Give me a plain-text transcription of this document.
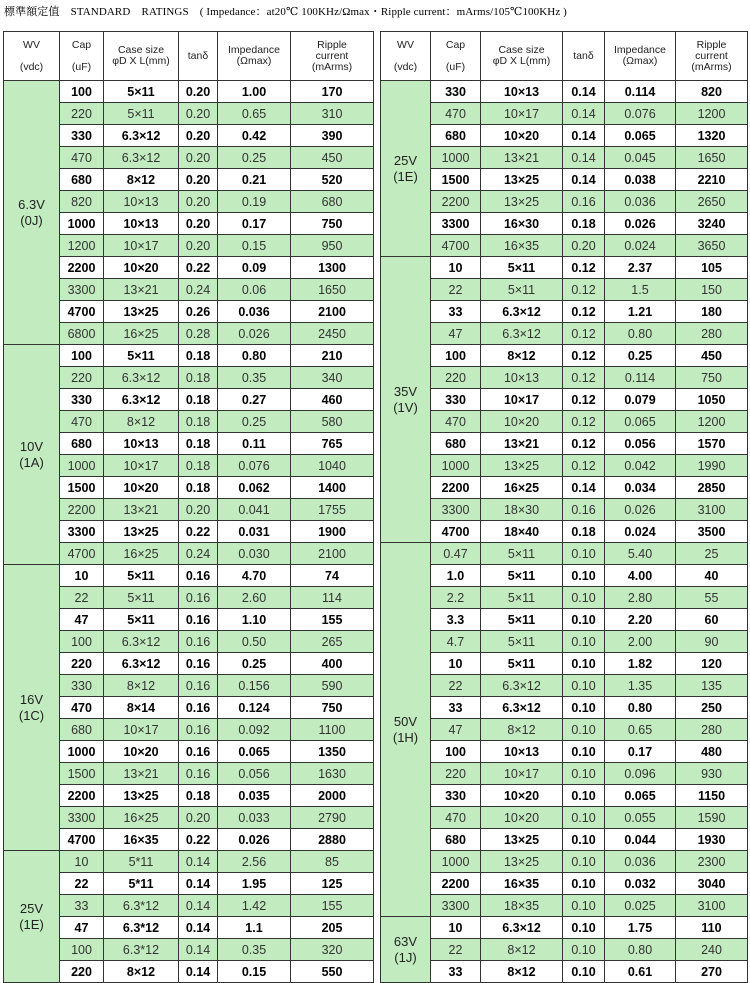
標準額定值　STANDARD　RATINGS　( Impedance：at20℃ 100KHz/Ωmax・Ripple current：mArms/105℃100KHz )
WV

(vdc)	Cap

(uF)	Case size
φD X L(mm)	tanδ	Impedance
(Ωmax)	Ripple
current
(mArms)
6.3V
(0J)	100	5×11	0.20	1.00	170
	220	5×11	0.20	0.65	310
	330	6.3×12	0.20	0.42	390
	470	6.3×12	0.20	0.25	450
	680	8×12	0.20	0.21	520
	820	10×13	0.20	0.19	680
	1000	10×13	0.20	0.17	750
	1200	10×17	0.20	0.15	950
	2200	10×20	0.22	0.09	1300
	3300	13×21	0.24	0.06	1650
	4700	13×25	0.26	0.036	2100
	6800	16×25	0.28	0.026	2450
10V
(1A)	100	5×11	0.18	0.80	210
	220	6.3×12	0.18	0.35	340
	330	6.3×12	0.18	0.27	460
	470	8×12	0.18	0.25	580
	680	10×13	0.18	0.11	765
	1000	10×17	0.18	0.076	1040
	1500	10×20	0.18	0.062	1400
	2200	13×21	0.20	0.041	1755
	3300	13×25	0.22	0.031	1900
	4700	16×25	0.24	0.030	2100
16V
(1C)	10	5×11	0.16	4.70	74
	22	5×11	0.16	2.60	114
	47	5×11	0.16	1.10	155
	100	6.3×12	0.16	0.50	265
	220	6.3×12	0.16	0.25	400
	330	8×12	0.16	0.156	590
	470	8×14	0.16	0.124	750
	680	10×17	0.16	0.092	1100
	1000	10×20	0.16	0.065	1350
	1500	13×21	0.16	0.056	1630
	2200	13×25	0.18	0.035	2000
	3300	16×25	0.20	0.033	2790
	4700	16×35	0.22	0.026	2880
25V
(1E)	10	5*11	0.14	2.56	85
	22	5*11	0.14	1.95	125
	33	6.3*12	0.14	1.42	155
	47	6.3*12	0.14	1.1	205
	100	6.3*12	0.14	0.35	320
	220	8×12	0.14	0.15	550
WV

(vdc)	Cap

(uF)	Case size
φD X L(mm)	tanδ	Impedance
(Ωmax)	Ripple
current
(mArms)
25V
(1E)	330	10×13	0.14	0.114	820
	470	10×17	0.14	0.076	1200
	680	10×20	0.14	0.065	1320
	1000	13×21	0.14	0.045	1650
	1500	13×25	0.14	0.038	2210
	2200	13×25	0.16	0.036	2650
	3300	16×30	0.18	0.026	3240
	4700	16×35	0.20	0.024	3650
35V
(1V)	10	5×11	0.12	2.37	105
	22	5×11	0.12	1.5	150
	33	6.3×12	0.12	1.21	180
	47	6.3×12	0.12	0.80	280
	100	8×12	0.12	0.25	450
	220	10×13	0.12	0.114	750
	330	10×17	0.12	0.079	1050
	470	10×20	0.12	0.065	1200
	680	13×21	0.12	0.056	1570
	1000	13×25	0.12	0.042	1990
	2200	16×25	0.14	0.034	2850
	3300	18×30	0.16	0.026	3100
	4700	18×40	0.18	0.024	3500
50V
(1H)	0.47	5×11	0.10	5.40	25
	1.0	5×11	0.10	4.00	40
	2.2	5×11	0.10	2.80	55
	3.3	5×11	0.10	2.20	60
	4.7	5×11	0.10	2.00	90
	10	5×11	0.10	1.82	120
	22	6.3×12	0.10	1.35	135
	33	6.3×12	0.10	0.80	250
	47	8×12	0.10	0.65	280
	100	10×13	0.10	0.17	480
	220	10×17	0.10	0.096	930
	330	10×20	0.10	0.065	1150
	470	10×20	0.10	0.055	1590
	680	13×25	0.10	0.044	1930
	1000	13×25	0.10	0.036	2300
	2200	16×35	0.10	0.032	3040
	3300	18×35	0.10	0.025	3100
63V
(1J)	10	6.3×12	0.10	1.75	110
	22	8×12	0.10	0.80	240
	33	8×12	0.10	0.61	270
